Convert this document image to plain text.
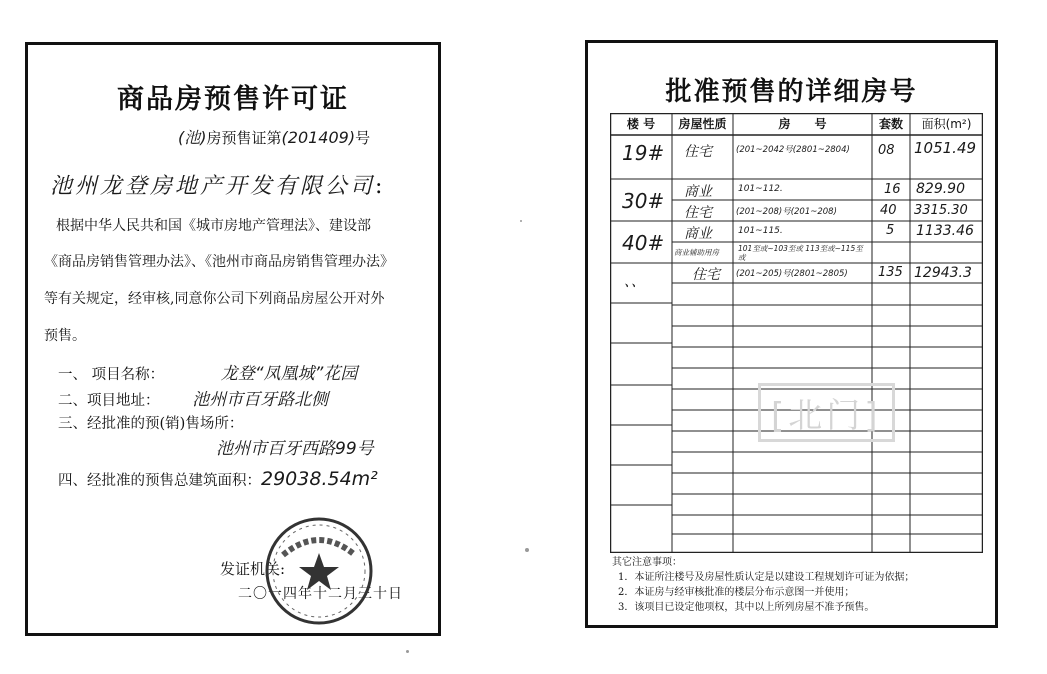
商品房预售许可证
(池)房预售证第(201409)号
池州龙登房地产开发有限公司:
根据中华人民共和国《城市房地产管理法》、建设部
《商品房销售管理办法》、《池州市商品房销售管理办法》
等有关规定，经审核,同意你公司下列商品房屋公开对外
预售。
一、 项目名称：	龙登“凤凰城”花园
二、项目地址： 池州市百牙路北侧
三、经批准的预(销)售场所：
池州市百牙西路99号
四、经批准的预售总建筑面积：29038.54m²
发证机关:
二〇一四年十二月三十日
批准预售的详细房号
楼 号	房屋性质	房　　号	套数	面积(m²)
19# 住宅	(201~2042号(2801~2804) 08 1051.49
30# 商业	101~112.	16 829.90
住宅	(201~208)号(201~208)	40 3315.30
40# 商业	101~115.	5 1133.46
商业辅助用房	101至或~103至或 113至或~115至或
、、	住宅 (201~205)号(2801~2805) 135 12943.3
[北门]
其它注意事项：
1．本证所注楼号及房屋性质认定是以建设工程规划许可证为依据；
2．本证房与经审核批准的楼层分布示意图一并使用；
3．该项目已设定他项权，其中以上所列房屋不准予预售。
